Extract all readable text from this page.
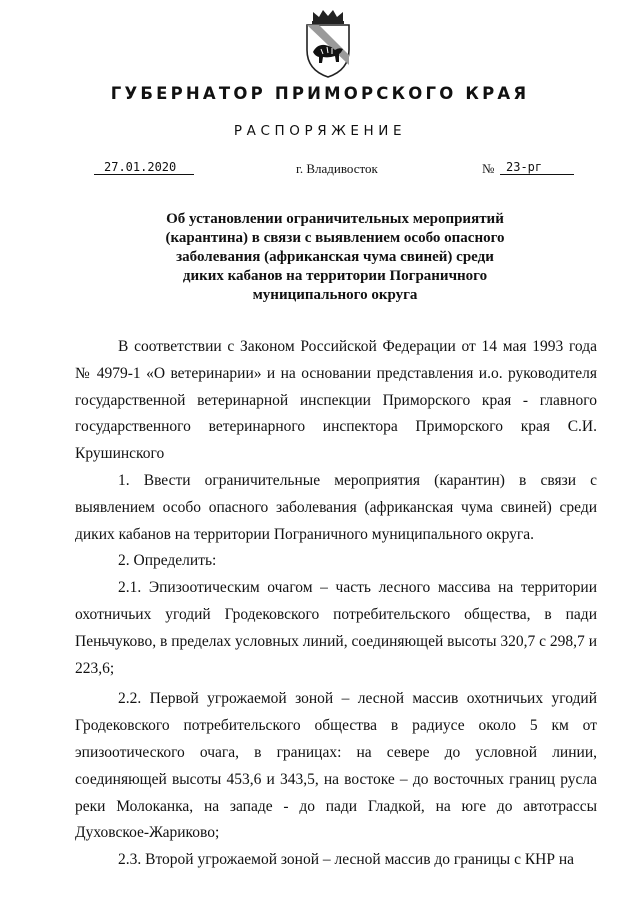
ГУБЕРНАТОР ПРИМОРСКОГО КРАЯ
РАСПОРЯЖЕНИЕ
27.01.2020	г. Владивосток	№ 23-рг
Об установлении ограничительных мероприятий
(карантина) в связи с выявлением особо опасного
заболевания (африканская чума свиней) среди
диких кабанов на территории Пограничного
муниципального округа

В соответствии с Законом Российской Федерации от 14 мая 1993 года № 4979-1 «О ветеринарии» и на основании представления и.о. руководителя государственной ветеринарной инспекции Приморского края - главного государственного ветеринарного инспектора Приморского края С.И. Крушинского

1. Ввести ограничительные мероприятия (карантин) в связи с выявлением особо опасного заболевания (африканская чума свиней) среди диких кабанов на территории Пограничного муниципального округа.

2. Определить:

2.1. Эпизоотическим очагом – часть лесного массива на территории охотничьих угодий Гродековского потребительского общества, в пади Пеньчуково, в пределах условных линий, соединяющей высоты 320,7 с 298,7 и 223,6;

2.2. Первой угрожаемой зоной – лесной массив охотничьих угодий Гродековского потребительского общества в радиусе около 5 км от эпизоотического очага, в границах: на севере до условной линии, соединяющей высоты 453,6 и 343,5, на востоке – до восточных границ русла реки Молоканка, на западе - до пади Гладкой, на юге до автотрассы Духовское-Жариково;

2.3. Второй угрожаемой зоной – лесной массив до границы с КНР на
